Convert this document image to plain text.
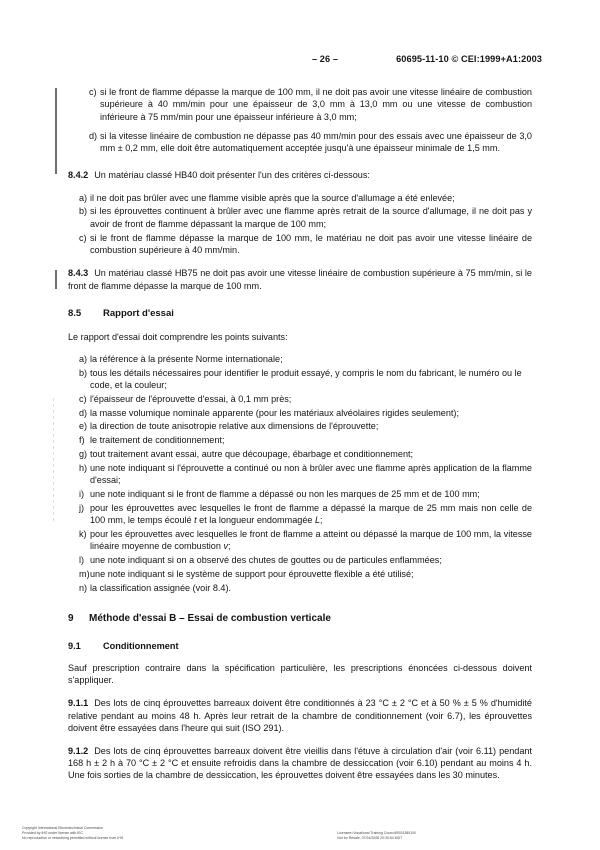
– 26 –	60695-11-10 © CEI:1999+A1:2003
c) si le front de flamme dépasse la marque de 100 mm, il ne doit pas avoir une vitesse linéaire de combustion supérieure à 40 mm/min pour une épaisseur de 3,0 mm à 13,0 mm ou une vitesse de combustion inférieure à 75 mm/min pour une épaisseur inférieure à 3,0 mm;
d) si la vitesse linéaire de combustion ne dépasse pas 40 mm/min pour des essais avec une épaisseur de 3,0 mm ± 0,2 mm, elle doit être automatiquement acceptée jusqu'à une épaisseur minimale de 1,5 mm.

8.4.2 Un matériau classé HB40 doit présenter l'un des critères ci-dessous:

a) il ne doit pas brûler avec une flamme visible après que la source d'allumage a été enlevée;
b) si les éprouvettes continuent à brûler avec une flamme après retrait de la source d'allumage, il ne doit pas y avoir de front de flamme dépassant la marque de 100 mm;
c) si le front de flamme dépasse la marque de 100 mm, le matériau ne doit pas avoir une vitesse linéaire de combustion supérieure à 40 mm/min.

8.4.3 Un matériau classé HB75 ne doit pas avoir une vitesse linéaire de combustion supérieure à 75 mm/min, si le front de flamme dépasse la marque de 100 mm.

8.5 Rapport d'essai

Le rapport d'essai doit comprendre les points suivants:

a) la référence à la présente Norme internationale;
b) tous les détails nécessaires pour identifier le produit essayé, y compris le nom du fabricant, le numéro ou le code, et la couleur;
c) l'épaisseur de l'éprouvette d'essai, à 0,1 mm près;
d) la masse volumique nominale apparente (pour les matériaux alvéolaires rigides seulement);
e) la direction de toute anisotropie relative aux dimensions de l'éprouvette;
f) le traitement de conditionnement;
g) tout traitement avant essai, autre que découpage, ébarbage et conditionnement;
h) une note indiquant si l'éprouvette a continué ou non à brûler avec une flamme après application de la flamme d'essai;
i) une note indiquant si le front de flamme a dépassé ou non les marques de 25 mm et de 100 mm;
j) pour les éprouvettes avec lesquelles le front de flamme a dépassé la marque de 25 mm mais non celle de 100 mm, le temps écoulé t et la longueur endommagée L;
k) pour les éprouvettes avec lesquelles le front de flamme a atteint ou dépassé la marque de 100 mm, la vitesse linéaire moyenne de combustion v;
l) une note indiquant si on a observé des chutes de gouttes ou de particules enflammées;
m) une note indiquant si le système de support pour éprouvette flexible a été utilisé;
n) la classification assignée (voir 8.4).

9 Méthode d'essai B – Essai de combustion verticale

9.1 Conditionnement

Sauf prescription contraire dans la spécification particulière, les prescriptions énoncées ci-dessous doivent s'appliquer.

9.1.1 Des lots de cinq éprouvettes barreaux doivent être conditionnés à 23 °C ± 2 °C et à 50 % ± 5 % d'humidité relative pendant au moins 48 h. Après leur retrait de la chambre de conditionnement (voir 6.7), les éprouvettes doivent être essayées dans l'heure qui suit (ISO 291).

9.1.2 Des lots de cinq éprouvettes barreaux doivent être vieillis dans l'étuve à circulation d'air (voir 6.11) pendant 168 h ± 2 h à 70 °C ± 2 °C et ensuite refroidis dans la chambre de dessiccation (voir 6.10) pendant au moins 4 h. Une fois sorties de la chambre de dessiccation, les éprouvettes doivent être essayées dans les 30 minutes.

Copyright International Electrotechnical Commission
Provided by IHS under license with IEC
No reproduction or networking permitted without license from IHS
Licensee=Vocational Training Council/5924389100
Not for Resale, 07/24/2008 20:30:54 MDT
